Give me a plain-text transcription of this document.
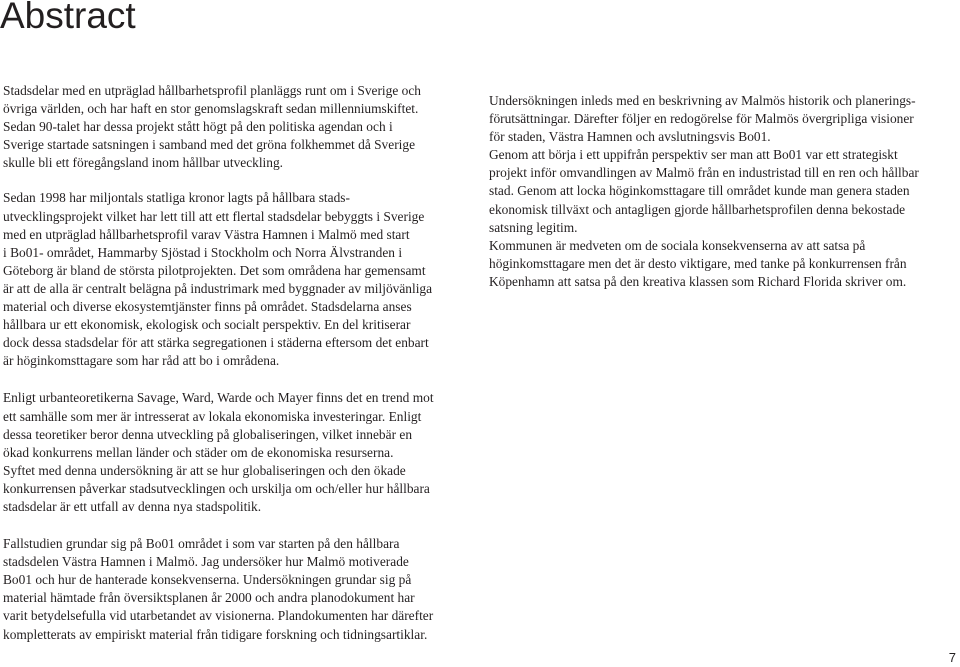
Abstract

Stadsdelar med en utpräglad hållbarhetsprofil planläggs runt om i Sverige och
övriga världen, och har haft en stor genomslagskraft sedan millenniumskiftet.
Sedan 90-talet har dessa projekt stått högt på den politiska agendan och i
Sverige startade satsningen i samband med det gröna folkhemmet då Sverige
skulle bli ett föregångsland inom hållbar utveckling.

Sedan 1998 har miljontals statliga kronor lagts på hållbara stads-
utvecklingsprojekt vilket har lett till att ett flertal stadsdelar bebyggts i Sverige
med en utpräglad hållbarhetsprofil varav Västra Hamnen i Malmö med start
i Bo01- området, Hammarby Sjöstad i Stockholm och Norra Älvstranden i
Göteborg är bland de största pilotprojekten. Det som områdena har gemensamt
är att de alla är centralt belägna på industrimark med byggnader av miljövänliga
material och diverse ekosystemtjänster finns på området. Stadsdelarna anses
hållbara ur ett ekonomisk, ekologisk och socialt perspektiv. En del kritiserar
dock dessa stadsdelar för att stärka segregationen i städerna eftersom det enbart
är höginkomsttagare som har råd att bo i områdena.

Enligt urbanteoretikerna Savage, Ward, Warde och Mayer finns det en trend mot
ett samhälle som mer är intresserat av lokala ekonomiska investeringar. Enligt
dessa teoretiker beror denna utveckling på globaliseringen, vilket innebär en
ökad konkurrens mellan länder och städer om de ekonomiska resurserna.
Syftet med denna undersökning är att se hur globaliseringen och den ökade
konkurrensen påverkar stadsutvecklingen och urskilja om och/eller hur hållbara
stadsdelar är ett utfall av denna nya stadspolitik.

Fallstudien grundar sig på Bo01 området i som var starten på den hållbara
stadsdelen Västra Hamnen i Malmö. Jag undersöker hur Malmö motiverade
Bo01 och hur de hanterade konsekvenserna. Undersökningen grundar sig på
material hämtade från översiktsplanen år 2000 och andra planodokument har
varit betydelsefulla vid utarbetandet av visionerna. Plandokumenten har därefter
kompletterats av empiriskt material från tidigare forskning och tidningsartiklar.

Undersökningen inleds med en beskrivning av Malmös historik och planerings-
förutsättningar. Därefter följer en redogörelse för Malmös övergripliga visioner
för staden, Västra Hamnen och avslutningsvis Bo01.
Genom att börja i ett uppifrån perspektiv ser man att Bo01 var ett strategiskt
projekt inför omvandlingen av Malmö från en industristad till en ren och hållbar
stad. Genom att locka höginkomsttagare till området kunde man genera staden
ekonomisk tillväxt och antagligen gjorde hållbarhetsprofilen denna bekostade
satsning legitim.
Kommunen är medveten om de sociala konsekvenserna av att satsa på
höginkomsttagare men det är desto viktigare, med tanke på konkurrensen från
Köpenhamn att satsa på den kreativa klassen som Richard Florida skriver om.

7
